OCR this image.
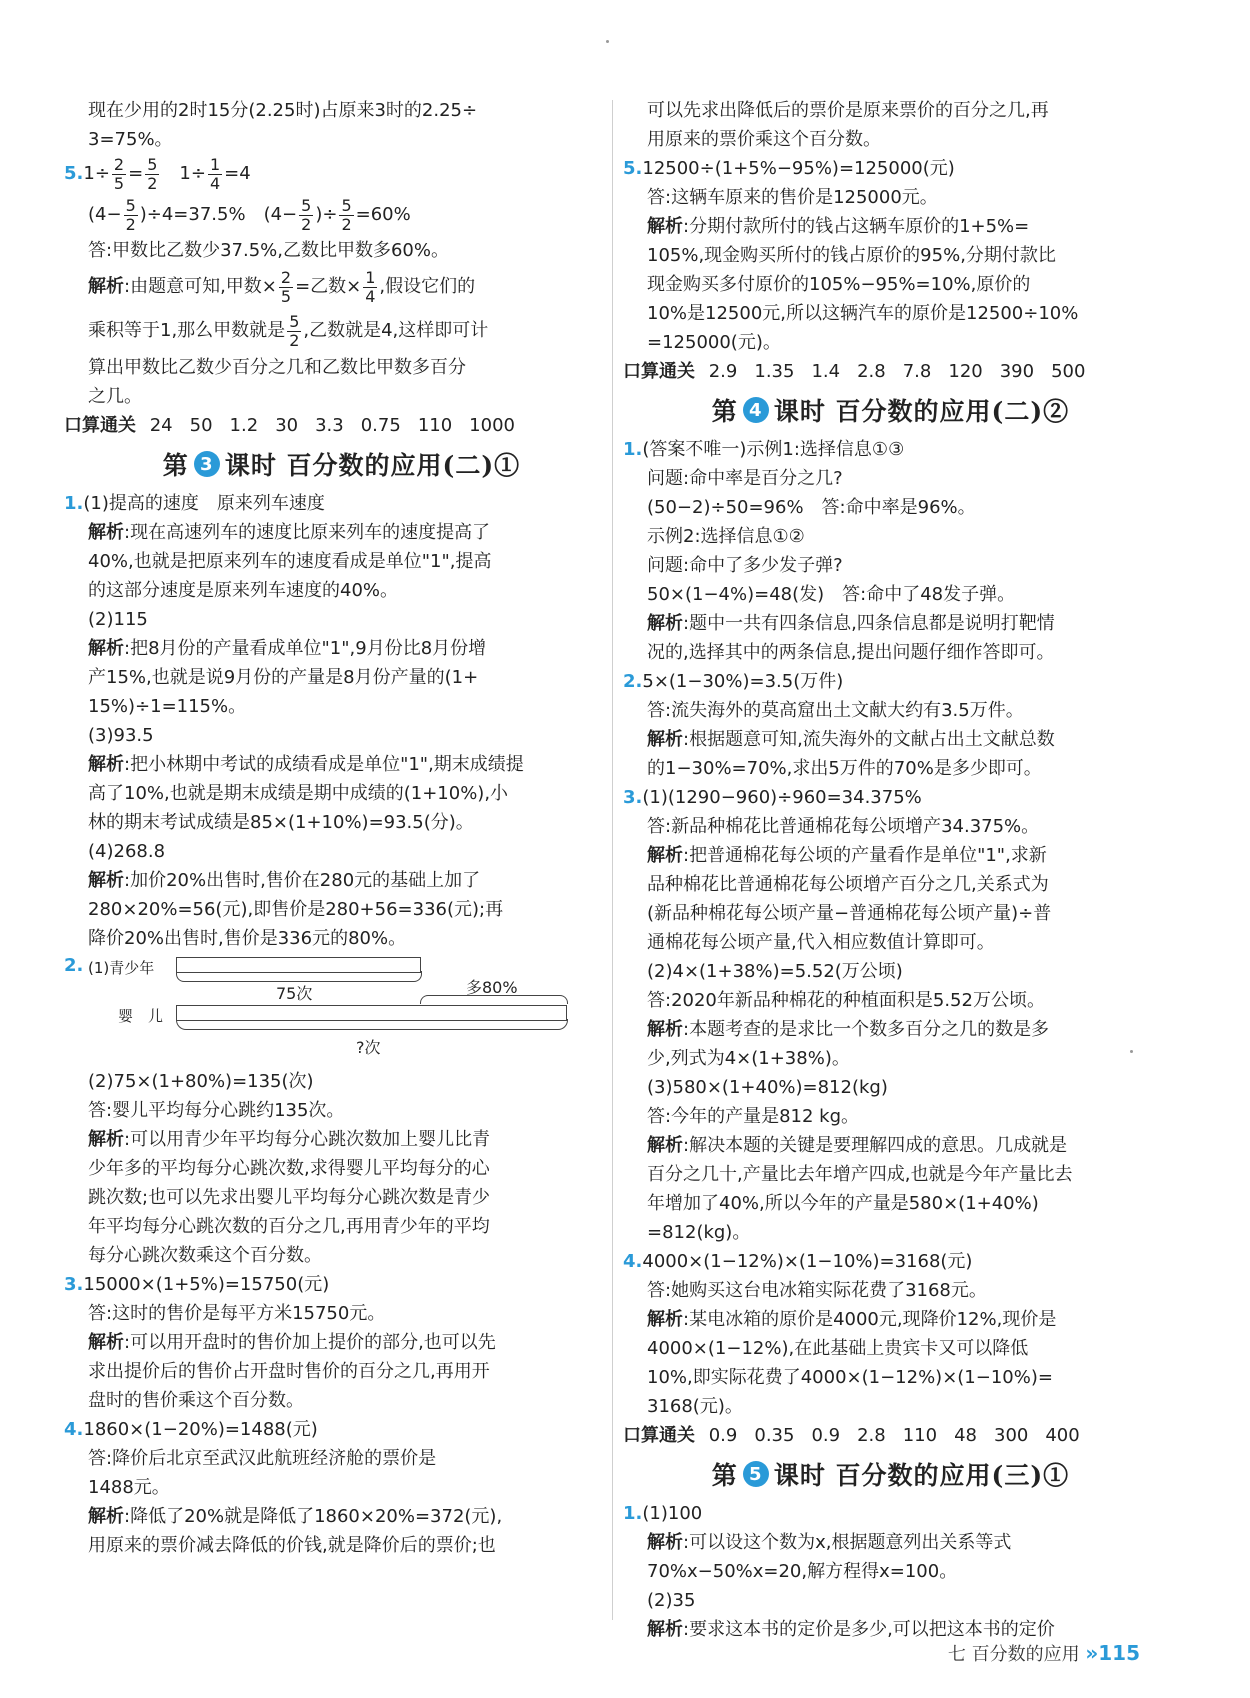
现在少用的2时15分(2.25时)占原来3时的2.25÷

3=75%。

$5.1\div \frac{2}{5} = \frac{5}{2}$
　 $1\div \frac{1}{4} =4$

$(4- \frac{5}{2} )\div 4=37.5\%$　($4- \frac{5}{2}$ )÷ $\frac{5}{2} =60\%$

答:甲数比乙数少37.5%,乙数比甲数多60%。

解析:由题意可知,甲数× $\frac{2}{5}$ =乙数× $\frac{1}{4}$ ,假设它们的

乘积等于1,那么甲数就是 $\frac{5}{2}$ ,乙数就是4,这样即可计

算出甲数比乙数少百分之几和乙数比甲数多百分

之几。

口算通关 24 50 1.2 30 3.3 0.75 110 1000
第 3 课时 百分数的应用(二)①

1.(1)提高的速度　原来列车速度

解析:现在高速列车的速度比原来列车的速度提高了

40%,也就是把原来列车的速度看成是单位"1",提高

的这部分速度是原来列车速度的40%。

(2)115

解析:把8月份的产量看成单位"1",9月份比8月份增

产15%,也就是说9月份的产量是8月份产量的(1+

15%)÷1=115%。

(3)93.5

解析:把小林期中考试的成绩看成是单位"1",期末成绩提

高了10%,也就是期末成绩是期中成绩的(1+10%),小

林的期末考试成绩是85×(1+10%)=93.5(分)。

(4)268.8

解析:加价20%出售时,售价在280元的基础上加了

280×20%=56(元),即售价是280+56=336(元);再

降价20%出售时,售价是336元的80%。

2. (1)青少年
75次	多80%
婴　儿
?次

(2)75×(1+80%)=135(次)

答:婴儿平均每分心跳约135次。

解析:可以用青少年平均每分心跳次数加上婴儿比青

少年多的平均每分心跳次数,求得婴儿平均每分的心

跳次数;也可以先求出婴儿平均每分心跳次数是青少

年平均每分心跳次数的百分之几,再用青少年的平均

每分心跳次数乘这个百分数。

3.15000×(1+5%)=15750(元)

答:这时的售价是每平方米15750元。

解析:可以用开盘时的售价加上提价的部分,也可以先

求出提价后的售价占开盘时售价的百分之几,再用开

盘时的售价乘这个百分数。

4.1860×(1−20%)=1488(元)

答:降价后北京至武汉此航班经济舱的票价是

1488元。

解析:降低了20%就是降低了1860×20%=372(元),

用原来的票价减去降低的价钱,就是降价后的票价;也

可以先求出降低后的票价是原来票价的百分之几,再

用原来的票价乘这个百分数。

5.12500÷(1+5%−95%)=125000(元)

答:这辆车原来的售价是125000元。

解析:分期付款所付的钱占这辆车原价的1+5%=

105%,现金购买所付的钱占原价的95%,分期付款比

现金购买多付原价的105%−95%=10%,原价的

10%是12500元,所以这辆汽车的原价是12500÷10%

=125000(元)。

口算通关 2.9 1.35 1.4 2.8 7.8 120 390 500
第 4 课时 百分数的应用(二)②

1.(答案不唯一)示例1:选择信息①③

问题:命中率是百分之几?

(50−2)÷50=96%　答:命中率是96%。

示例2:选择信息①②

问题:命中了多少发子弹?

50×(1−4%)=48(发)　答:命中了48发子弹。

解析:题中一共有四条信息,四条信息都是说明打靶情

况的,选择其中的两条信息,提出问题仔细作答即可。

2.5×(1−30%)=3.5(万件)

答:流失海外的莫高窟出土文献大约有3.5万件。

解析:根据题意可知,流失海外的文献占出土文献总数

的1−30%=70%,求出5万件的70%是多少即可。

3.(1)(1290−960)÷960=34.375%

答:新品种棉花比普通棉花每公顷增产34.375%。

解析:把普通棉花每公顷的产量看作是单位"1",求新

品种棉花比普通棉花每公顷增产百分之几,关系式为

(新品种棉花每公顷产量−普通棉花每公顷产量)÷普

通棉花每公顷产量,代入相应数值计算即可。

(2)4×(1+38%)=5.52(万公顷)

答:2020年新品种棉花的种植面积是5.52万公顷。

解析:本题考查的是求比一个数多百分之几的数是多

少,列式为4×(1+38%)。

(3)580×(1+40%)=812(kg)

答:今年的产量是812 kg。

解析:解决本题的关键是要理解四成的意思。几成就是

百分之几十,产量比去年增产四成,也就是今年产量比去

年增加了40%,所以今年的产量是580×(1+40%)

=812(kg)。

4.4000×(1−12%)×(1−10%)=3168(元)

答:她购买这台电冰箱实际花费了3168元。

解析:某电冰箱的原价是4000元,现降价12%,现价是

4000×(1−12%),在此基础上贵宾卡又可以降低

10%,即实际花费了4000×(1−12%)×(1−10%)=

3168(元)。

口算通关 0.9 0.35 0.9 2.8 110 48 300 400
第 5 课时 百分数的应用(三)①

1.(1)100

解析:可以设这个数为x,根据题意列出关系等式

70%x−50%x=20,解方程得x=100。

(2)35

解析:要求这本书的定价是多少,可以把这本书的定价

七 百分数的应用 »115
